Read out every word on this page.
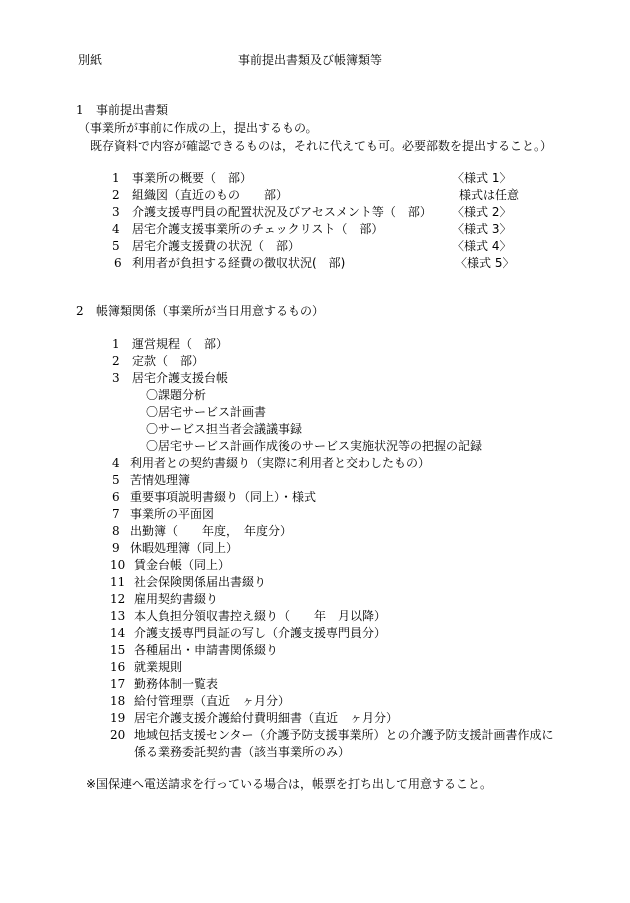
別紙	事前提出書類及び帳簿類等
1 事前提出書類
（事業所が事前に作成の上，提出するもの。
既存資料で内容が確認できるものは，それに代えても可。必要部数を提出すること。）
1 事業所の概要（　部）	〈様式 1〉
2 組織図（直近のもの　　部）	様式は任意
3 介護支援専門員の配置状況及びアセスメント等（　部） 〈様式 2〉
4 居宅介護支援事業所のチェックリスト（　部）	〈様式 3〉
5 居宅介護支援費の状況（　部）	〈様式 4〉
6 利用者が負担する経費の徴収状況(　部)	〈様式 5〉
2 帳簿類関係（事業所が当日用意するもの）
1 運営規程（　部）
2 定款（　部）
3 居宅介護支援台帳
〇課題分析
〇居宅サービス計画書
〇サービス担当者会議議事録
〇居宅サービス計画作成後のサービス実施状況等の把握の記録
4 利用者との契約書綴り（実際に利用者と交わしたもの）
5 苦情処理簿
6 重要事項説明書綴り（同上）・様式
7 事業所の平面図
8 出勤簿（　　年度，　年度分）
9 休暇処理簿（同上）
10 賃金台帳（同上）
11 社会保険関係届出書綴り
12 雇用契約書綴り
13 本人負担分領収書控え綴り（　　年　月以降）
14 介護支援専門員証の写し（介護支援専門員分）
15 各種届出・申請書関係綴り
16 就業規則
17 勤務体制一覧表
18 給付管理票（直近　ヶ月分）
19 居宅介護支援介護給付費明細書（直近　ヶ月分）
20 地域包括支援センター（介護予防支援事業所）との介護予防支援計画書作成に
係る業務委託契約書（該当事業所のみ）
※国保連へ電送請求を行っている場合は，帳票を打ち出して用意すること。
